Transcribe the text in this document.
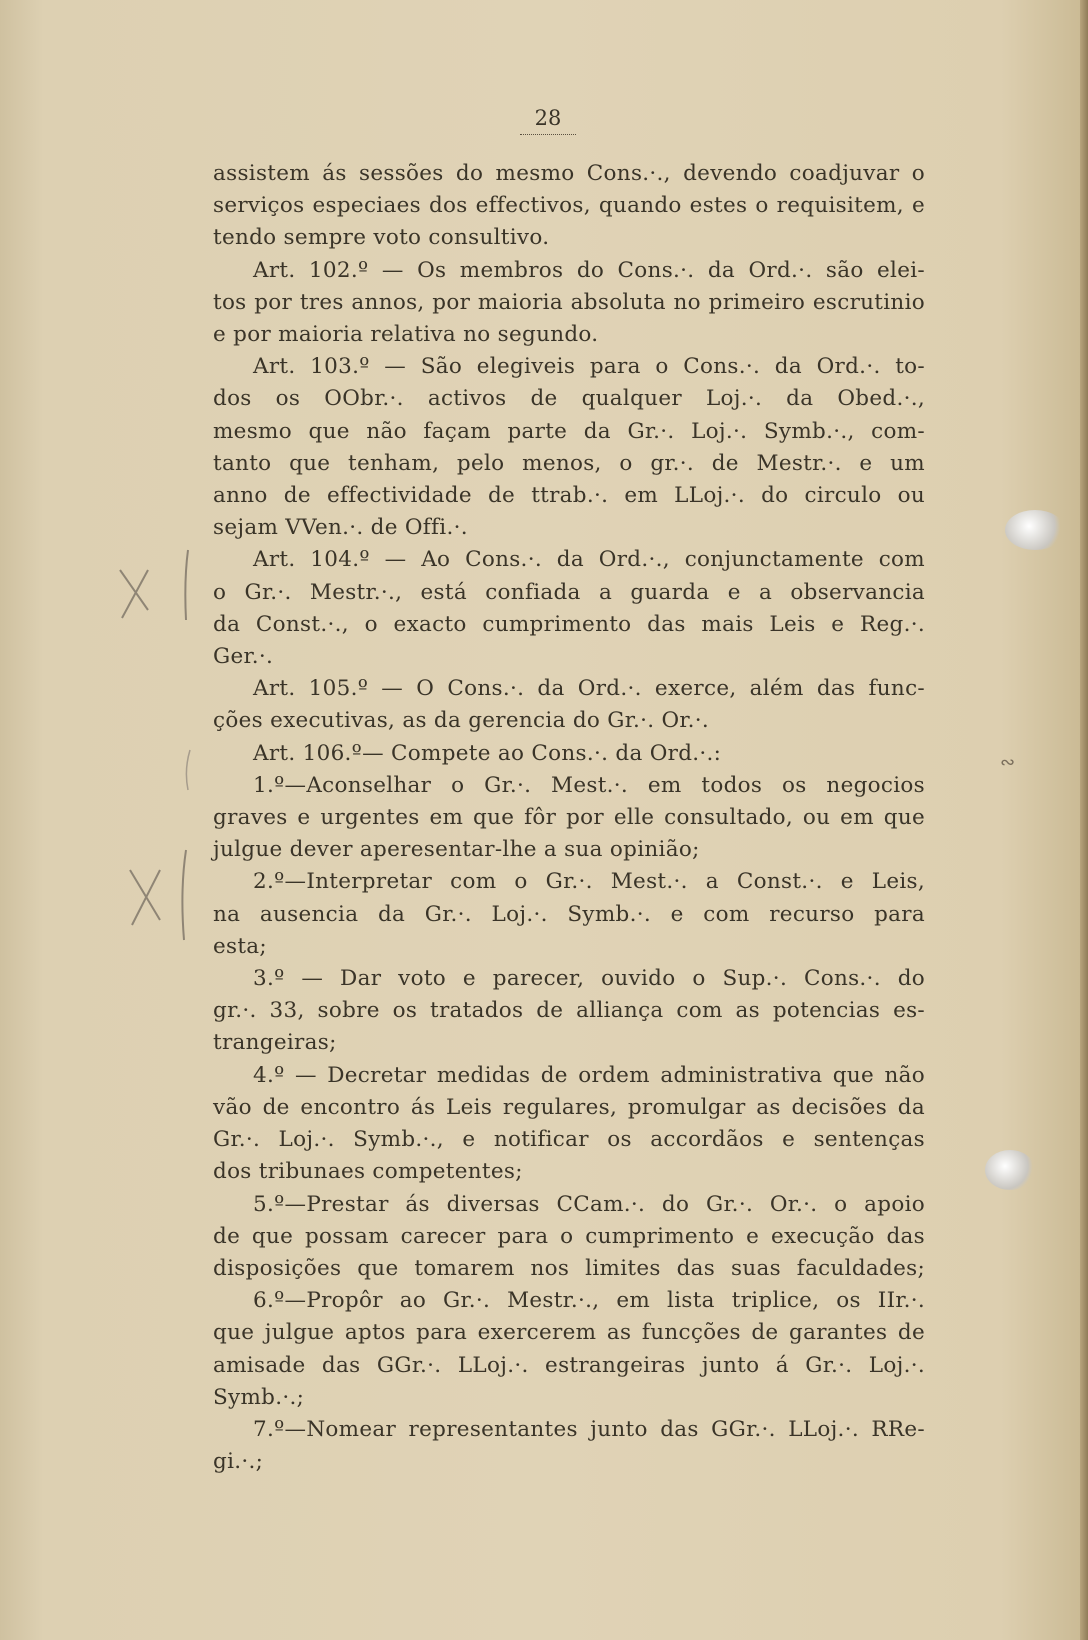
28
∾
assistem ás sessões do mesmo Cons.·., devendo coadjuvar o
serviços especiaes dos effectivos, quando estes o requisitem, e
tendo sempre voto consultivo.
Art. 102.º — Os membros do Cons.·. da Ord.·. são elei-
tos por tres annos, por maioria absoluta no primeiro escrutinio
e por maioria relativa no segundo.
Art. 103.º — São elegiveis para o Cons.·. da Ord.·. to-
dos os OObr.·. activos de qualquer Loj.·. da Obed.·.,
mesmo que não façam parte da Gr.·. Loj.·. Symb.·., com-
tanto que tenham, pelo menos, o gr.·. de Mestr.·. e um
anno de effectividade de ttrab.·. em LLoj.·. do circulo ou
sejam VVen.·. de Offi.·.
Art. 104.º — Ao Cons.·. da Ord.·., conjunctamente com
o Gr.·. Mestr.·., está confiada a guarda e a observancia
da Const.·., o exacto cumprimento das mais Leis e Reg.·.
Ger.·.
Art. 105.º — O Cons.·. da Ord.·. exerce, além das func-
ções executivas, as da gerencia do Gr.·. Or.·.
Art. 106.º— Compete ao Cons.·. da Ord.·.:
1.º—Aconselhar o Gr.·. Mest.·. em todos os negocios
graves e urgentes em que fôr por elle consultado, ou em que
julgue dever aperesentar-lhe a sua opinião;
2.º—Interpretar com o Gr.·. Mest.·. a Const.·. e Leis,
na ausencia da Gr.·. Loj.·. Symb.·. e com recurso para
esta;
3.º — Dar voto e parecer, ouvido o Sup.·. Cons.·. do
gr.·. 33, sobre os tratados de alliança com as potencias es-
trangeiras;
4.º — Decretar medidas de ordem administrativa que não
vão de encontro ás Leis regulares, promulgar as decisões da
Gr.·. Loj.·. Symb.·., e notificar os accordãos e sentenças
dos tribunaes competentes;
5.º—Prestar ás diversas CCam.·. do Gr.·. Or.·. o apoio
de que possam carecer para o cumprimento e execução das
disposições que tomarem nos limites das suas faculdades;
6.º—Propôr ao Gr.·. Mestr.·., em lista triplice, os IIr.·.
que julgue aptos para exercerem as funcções de garantes de
amisade das GGr.·. LLoj.·. estrangeiras junto á Gr.·. Loj.·.
Symb.·.;
7.º—Nomear representantes junto das GGr.·. LLoj.·. RRe-
gi.·.;
